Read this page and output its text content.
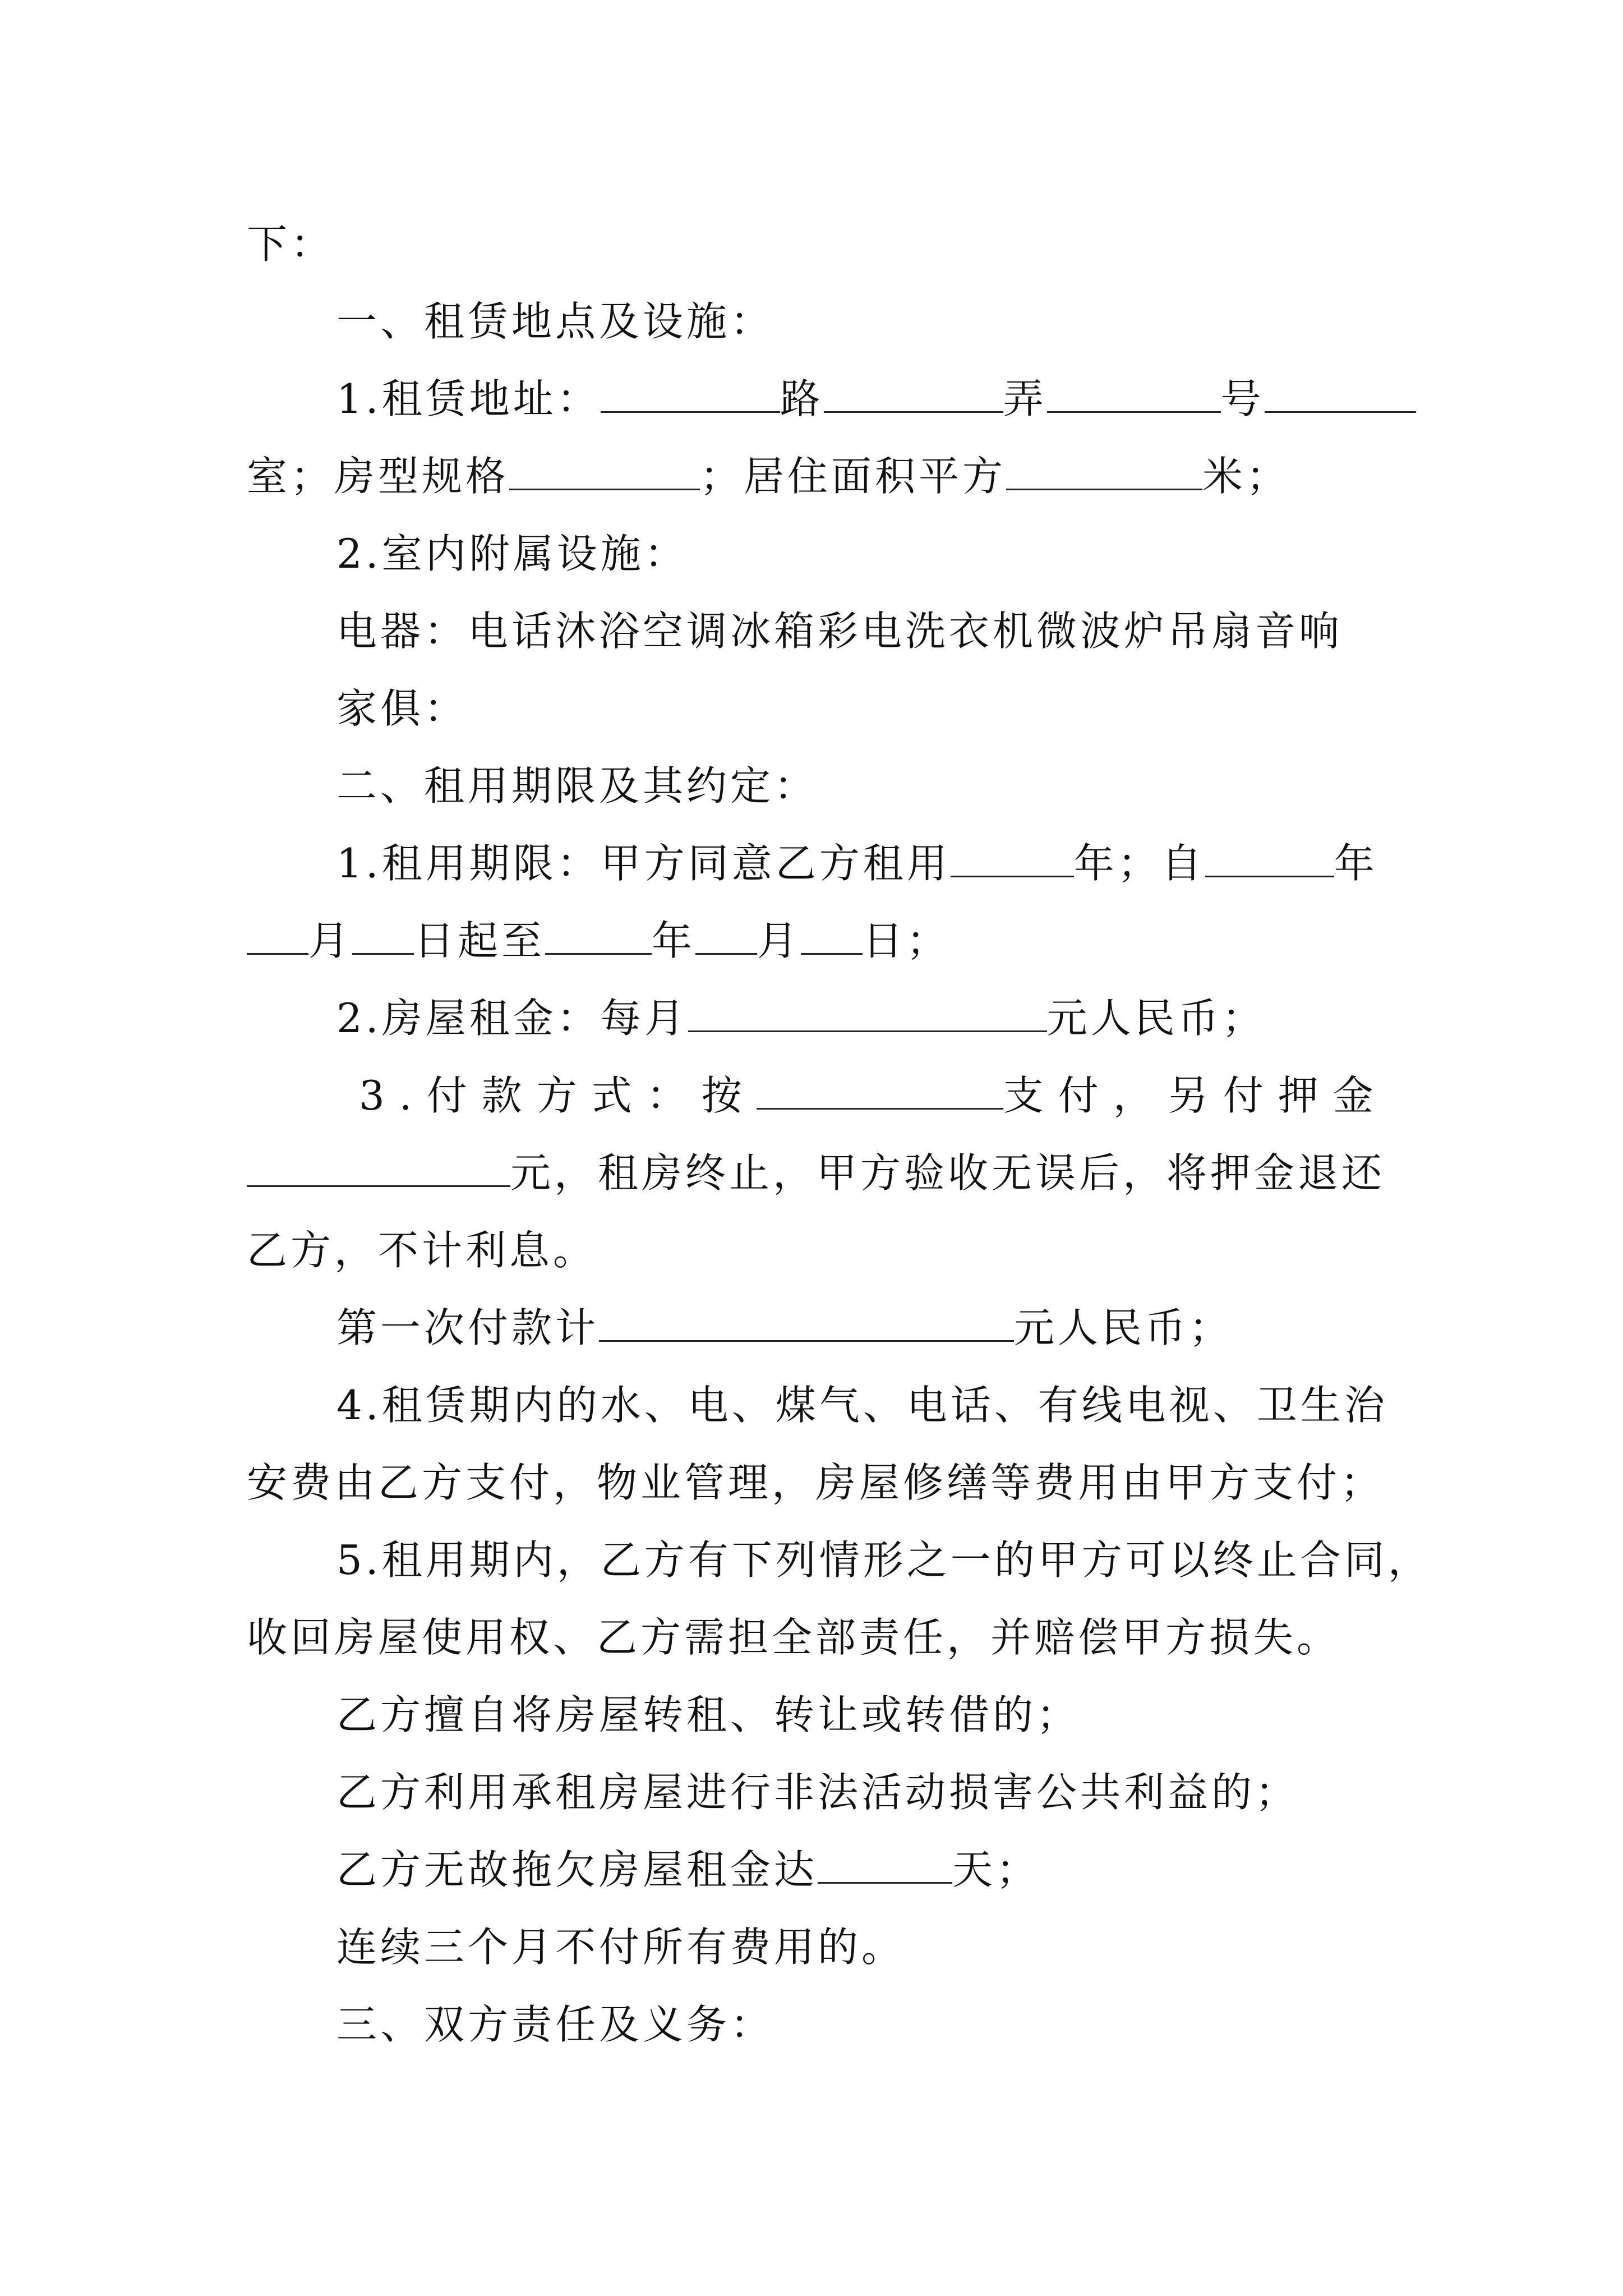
下：
一、租赁地点及设施：
1.租赁地址：	路	弄	号
室；房型规格	；居住面积平方	米；
2.室内附属设施：
电器：电话沐浴空调冰箱彩电洗衣机微波炉吊扇音响
家俱：
二、租用期限及其约定：
1.租用期限：甲方同意乙方租用	年；自	年
月 日起至	年 月 日；
2.房屋租金：每月	元人民币；
3.付款方式：按	支付，另付押金
元，租房终止，甲方验收无误后，将押金退还
乙方，不计利息。
第一次付款计	元人民币；
4.租赁期内的水、电、煤气、电话、有线电视、卫生治
安费由乙方支付，物业管理，房屋修缮等费用由甲方支付；
5.租用期内，乙方有下列情形之一的甲方可以终止合同，
收回房屋使用权、乙方需担全部责任，并赔偿甲方损失。
乙方擅自将房屋转租、转让或转借的；
乙方利用承租房屋进行非法活动损害公共利益的；
乙方无故拖欠房屋租金达	天；
连续三个月不付所有费用的。
三、双方责任及义务：
